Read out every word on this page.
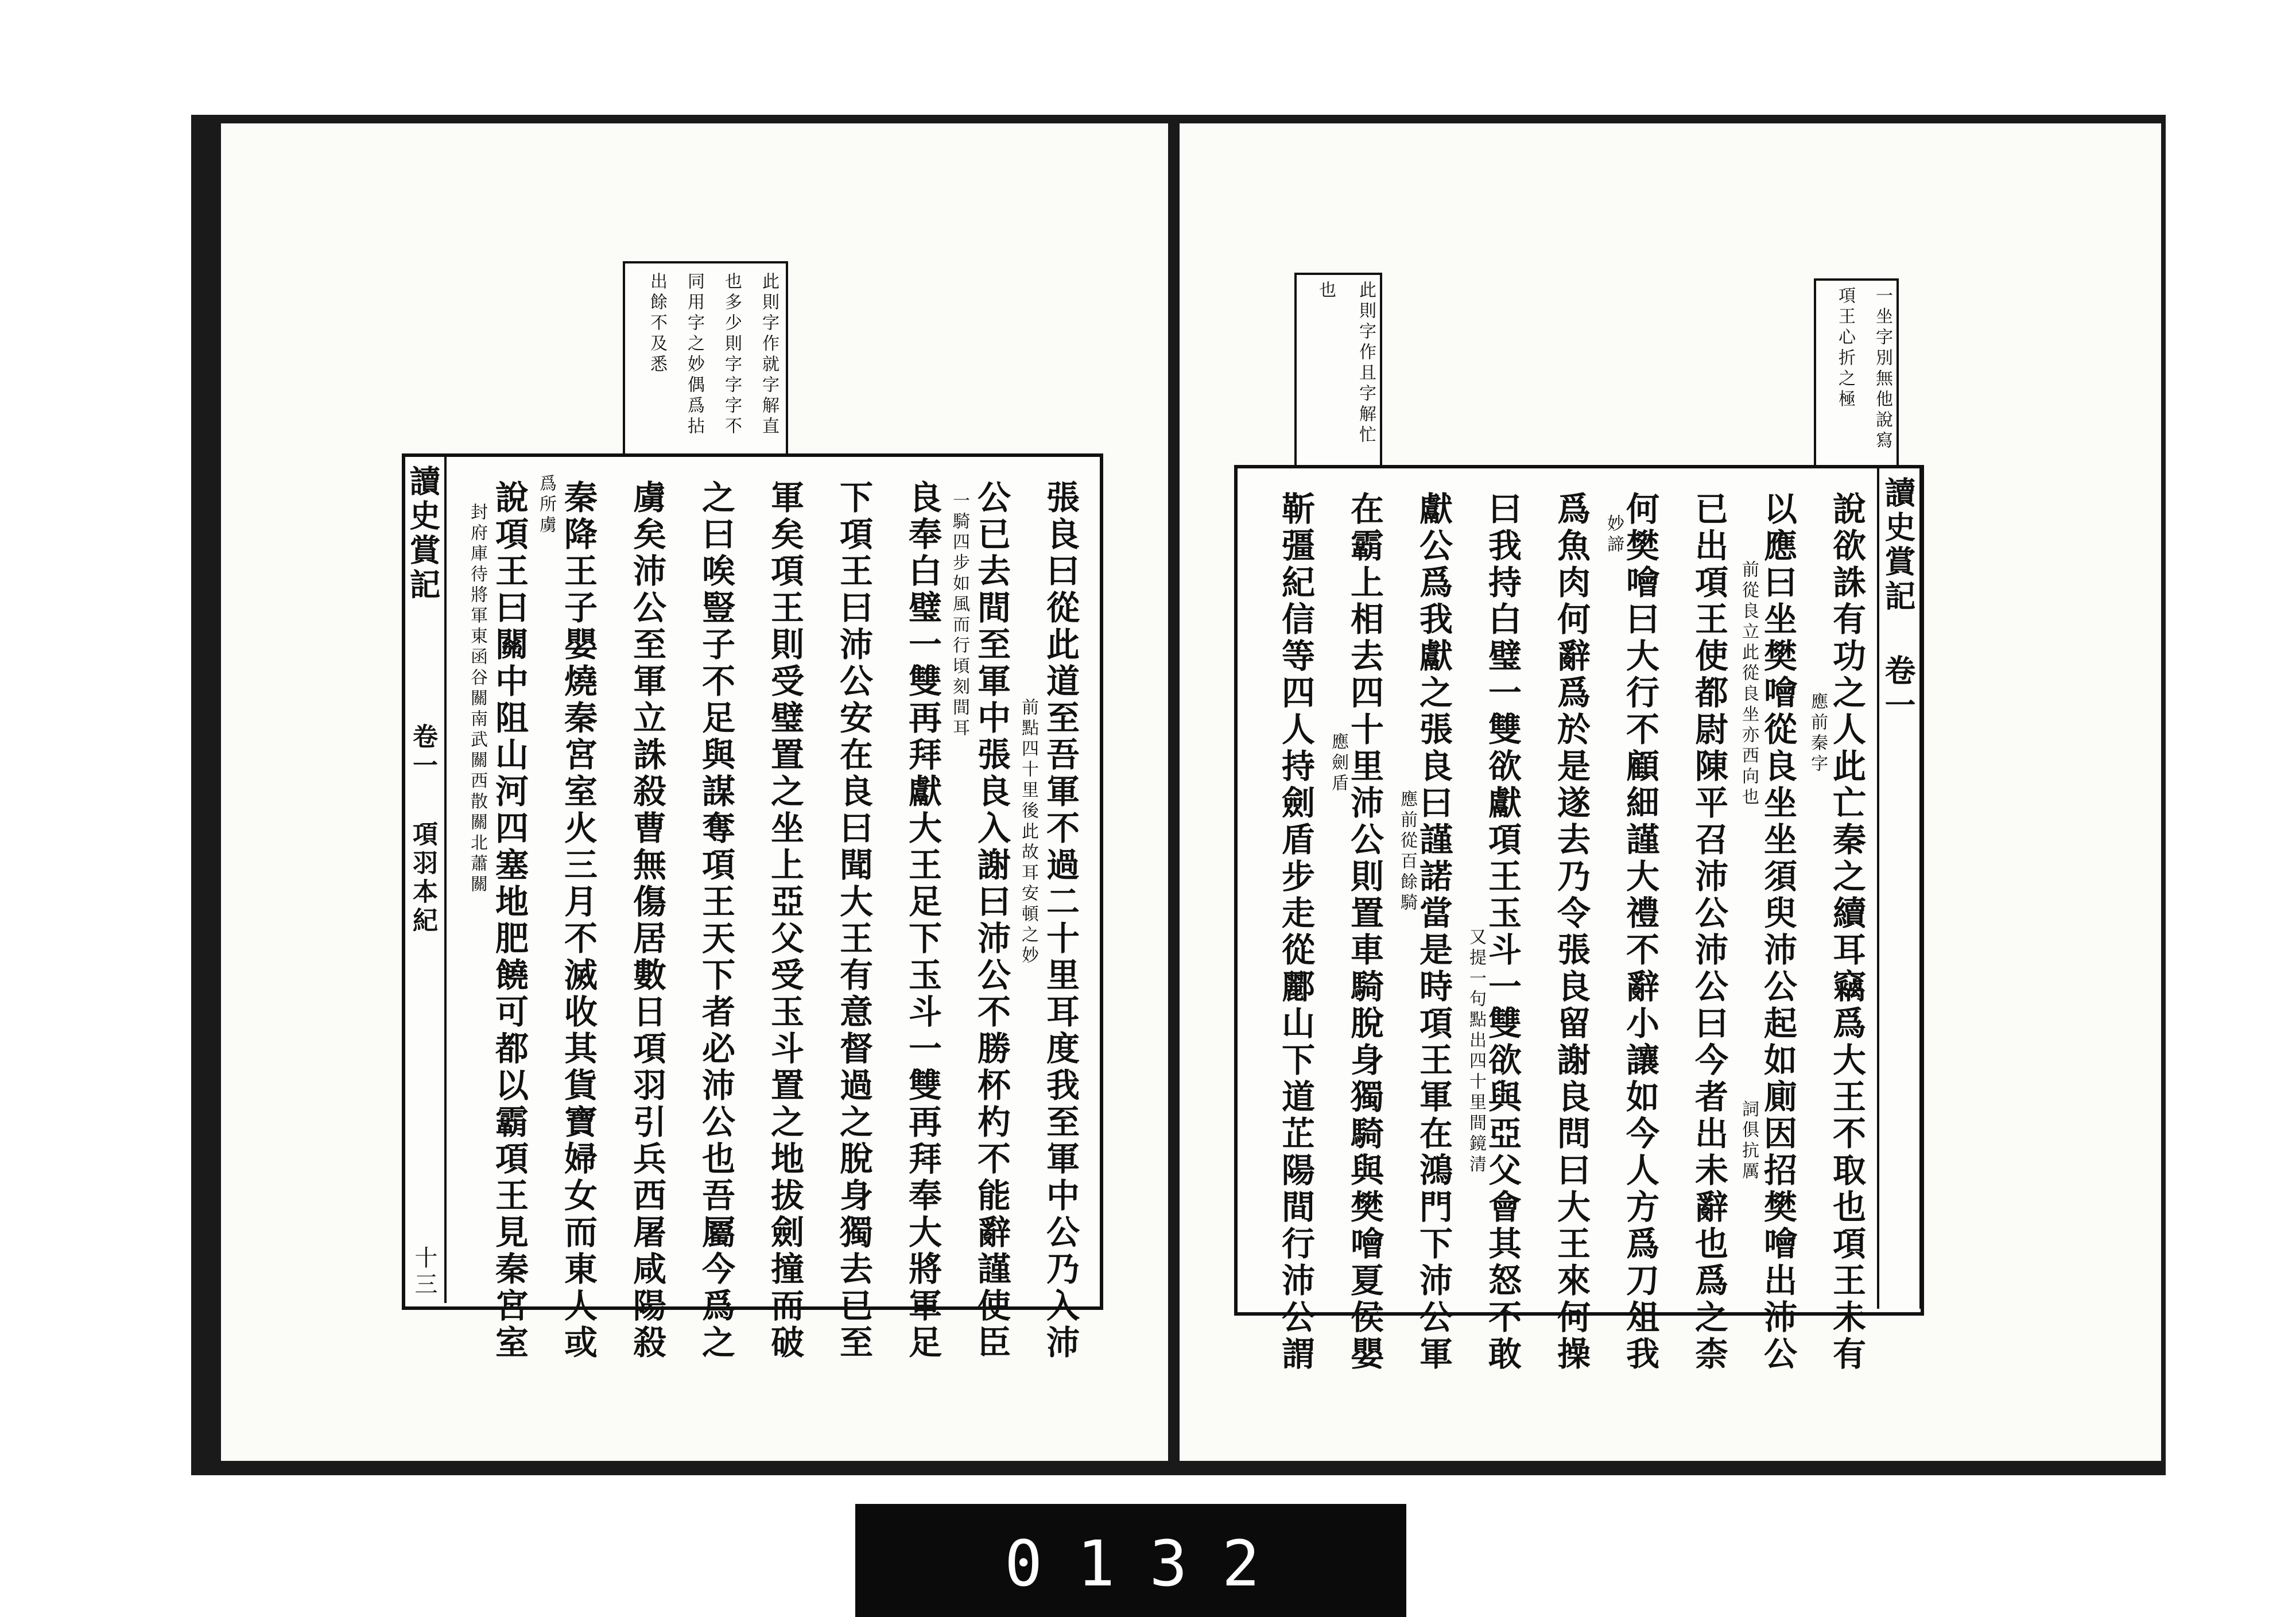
此則字作就字解直
也多少則字字字不
同用字之妙偶爲拈
出餘不及悉
張良曰從此道至吾軍不過二十里耳度我至軍中公乃入沛
公已去間至軍中張良入謝曰沛公不勝杯杓不能辭謹使臣
良奉白璧一雙再拜獻大王足下玉斗一雙再拜奉大將軍足
下項王曰沛公安在良曰聞大王有意督過之脫身獨去已至
軍矣項王則受璧置之坐上亞父受玉斗置之地拔劍撞而破
之曰唉豎子不足與謀奪項王天下者必沛公也吾屬今爲之
虜矣沛公至軍立誅殺曹無傷居數日項羽引兵西屠咸陽殺
秦降王子嬰燒秦宮室火三月不滅收其貨寶婦女而東人或
說項王曰關中阻山河四塞地肥饒可都以霸項王見秦宮室	前點四十里後此故耳安頓之妙
一騎四步如風而行頃刻間耳
爲所虜
封府庫待將軍東函谷關南武關西散關北蕭關
讀史賞記
卷一
項羽本紀
十三
一坐字別無他說寫
項王心折之極
此則字作且字解忙
也
說欲誅有功之人此亡秦之續耳竊爲大王不取也項王未有
以應曰坐樊噲從良坐坐須臾沛公起如廁因招樊噲出沛公
已出項王使都尉陳平召沛公沛公曰今者出未辭也爲之柰
何樊噲曰大行不顧細謹大禮不辭小讓如今人方爲刀俎我
爲魚肉何辭爲於是遂去乃令張良留謝良問曰大王來何操
曰我持白璧一雙欲獻項王玉斗一雙欲與亞父會其怒不敢
獻公爲我獻之張良曰謹諾當是時項王軍在鴻門下沛公軍
在霸上相去四十里沛公則置車騎脫身獨騎與樊噲夏侯嬰
靳彊紀信等四人持劍盾步走從酈山下道芷陽間行沛公謂	應前秦字
前從良立此從良坐亦西向也
詞俱抗厲
妙諦
又提一句點出四十里間鏡清
應前從百餘騎
應劍盾
讀史賞記 卷一
0132
